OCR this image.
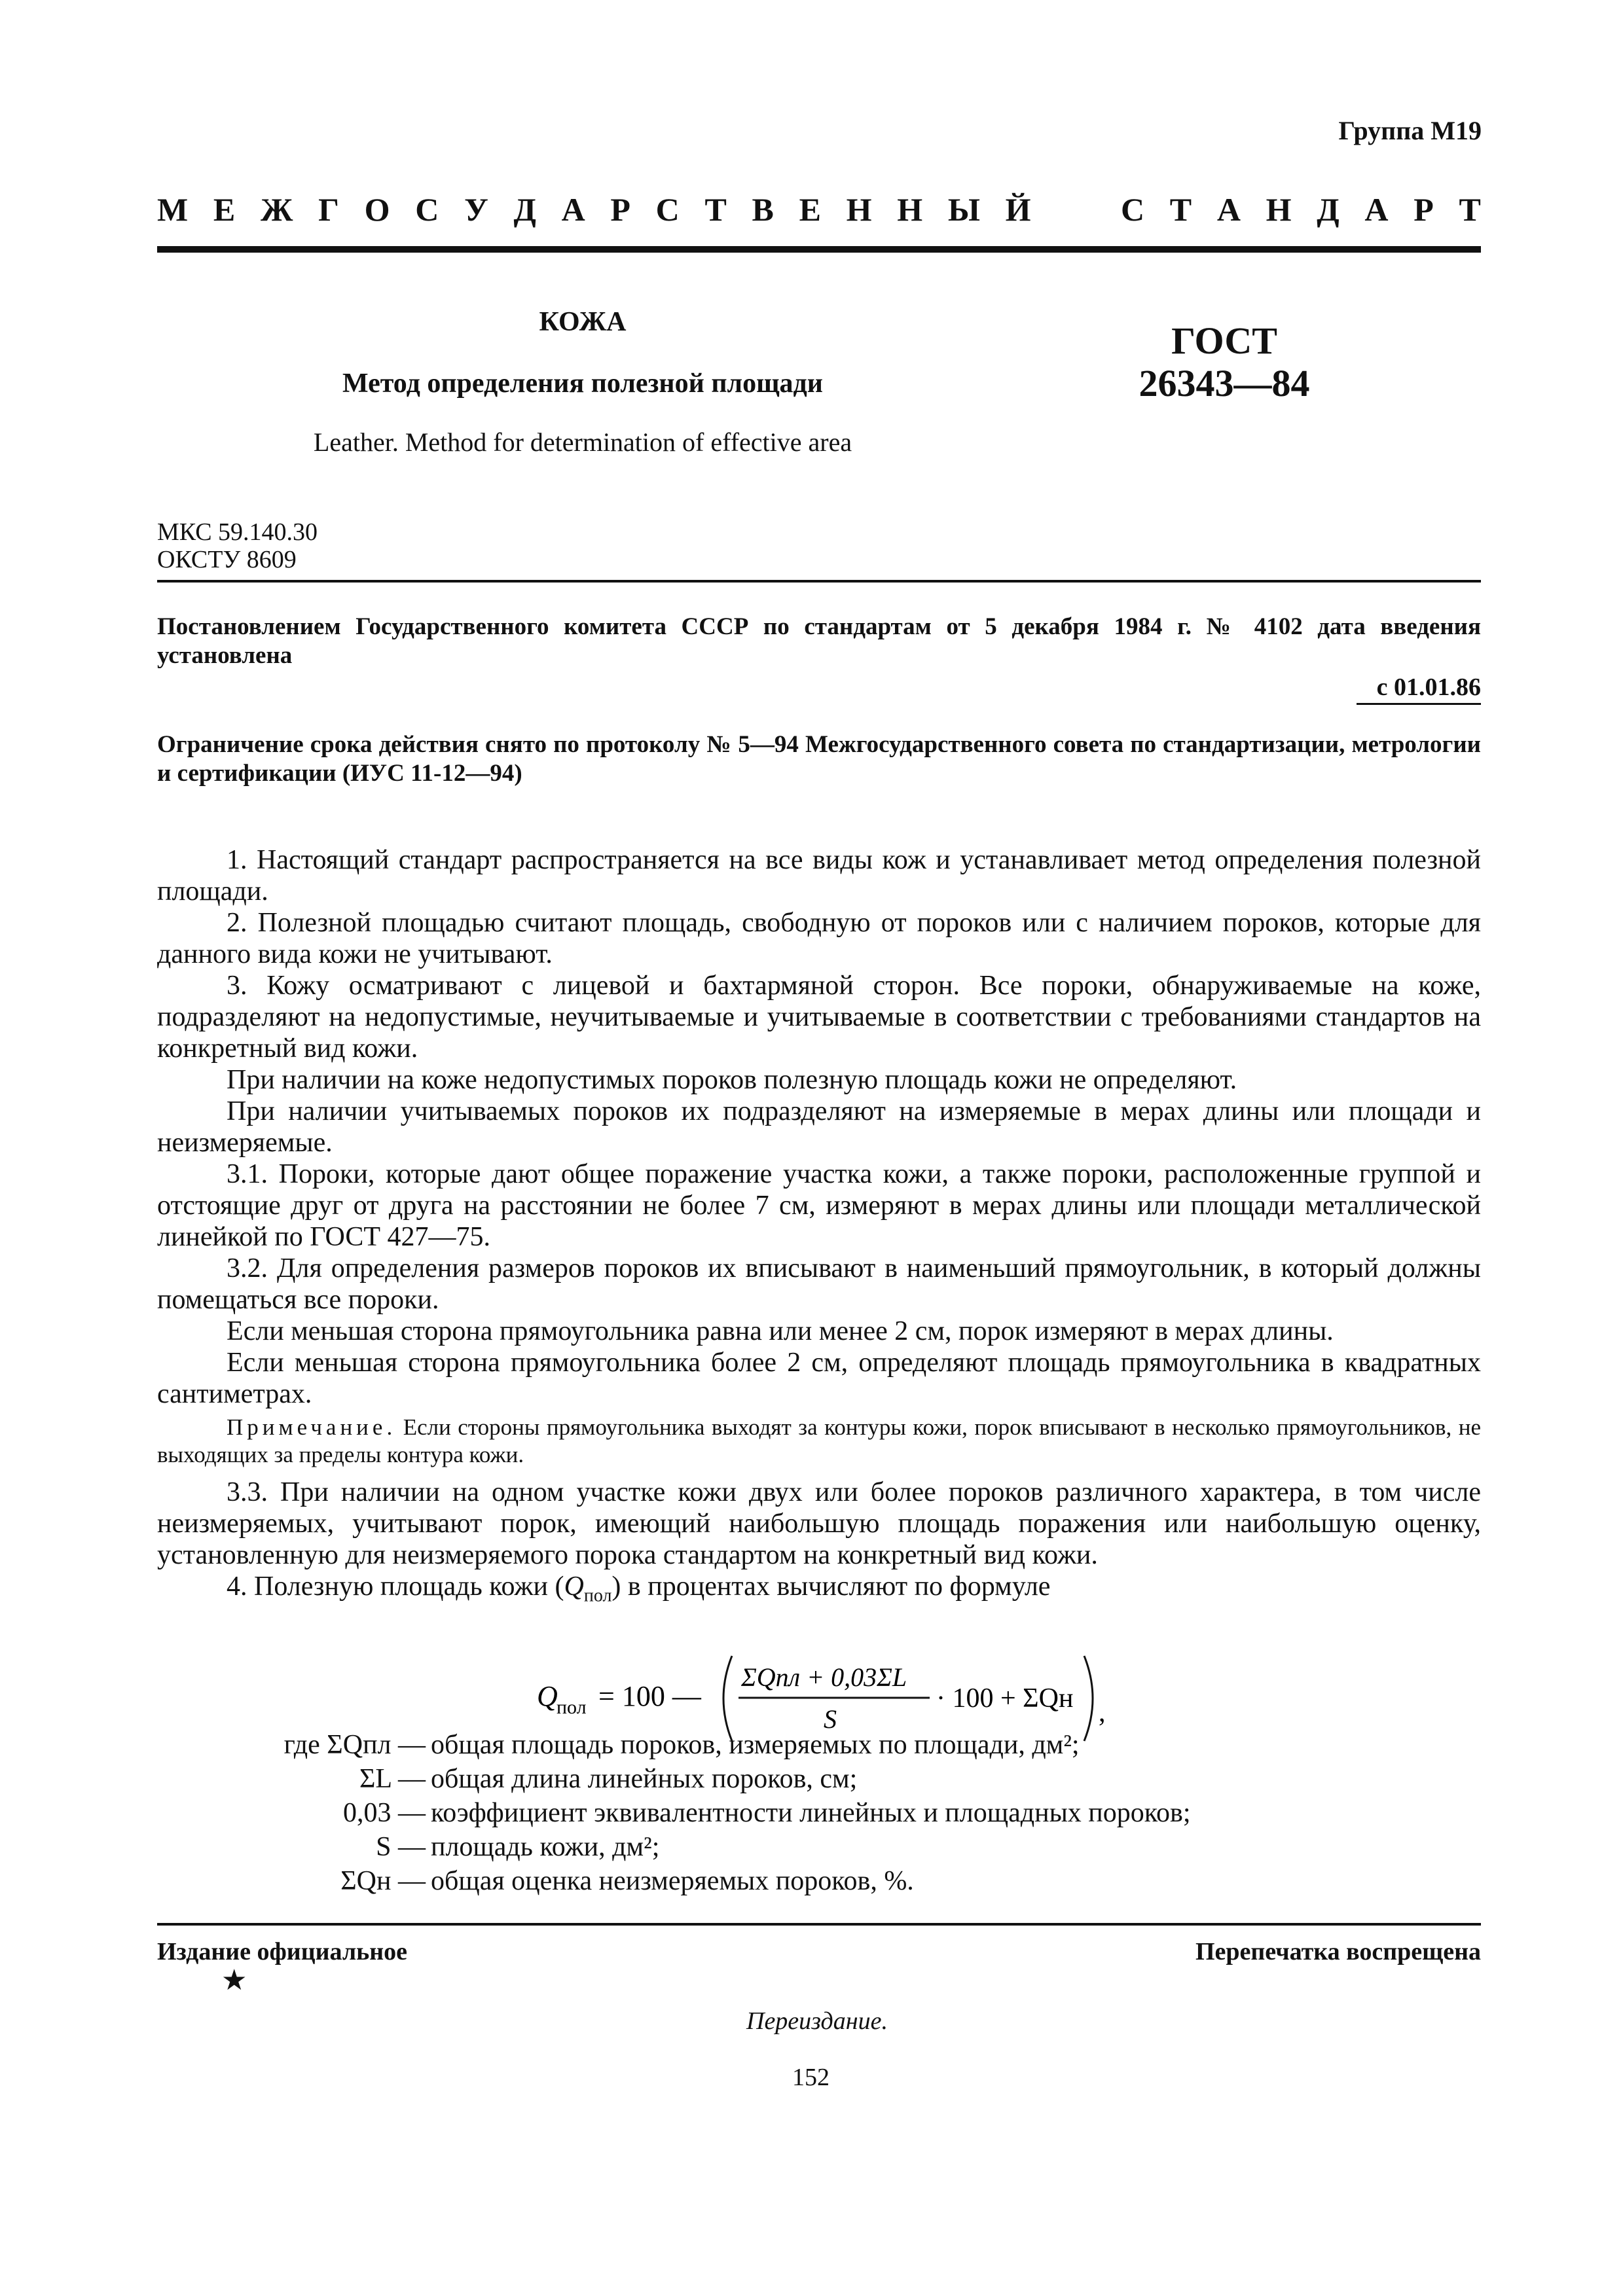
Группа М19
М Е Ж Г О С У Д А Р С Т В Е Н Н Ы Й	С Т А Н Д А Р Т
КОЖА
Метод определения полезной площади
Leather. Method for determination of effective area
ГОСТ
26343—84
МКС 59.140.30
ОКСТУ 8609
Постановлением Государственного комитета СССР по стандартам от 5 декабря 1984 г. № 4102 дата введения установлена
с 01.01.86
Ограничение срока действия снято по протоколу № 5—94 Межгосударственного совета по стандартизации, метрологии и сертификации (ИУС 11-12—94)

1. Настоящий стандарт распространяется на все виды кож и устанавливает метод определения полезной площади.

2. Полезной площадью считают площадь, свободную от пороков или с наличием пороков, которые для данного вида кожи не учитывают.

3. Кожу осматривают с лицевой и бахтармяной сторон. Все пороки, обнаруживаемые на коже, подразделяют на недопустимые, неучитываемые и учитываемые в соответствии с требованиями стандартов на конкретный вид кожи.

При наличии на коже недопустимых пороков полезную площадь кожи не определяют.

При наличии учитываемых пороков их подразделяют на измеряемые в мерах длины или площади и неизмеряемые.

3.1. Пороки, которые дают общее поражение участка кожи, а также пороки, расположенные группой и отстоящие друг от друга на расстоянии не более 7 см, измеряют в мерах длины или площади металлической линейкой по ГОСТ 427—75.

3.2. Для определения размеров пороков их вписывают в наименьший прямоугольник, в который должны помещаться все пороки.

Если меньшая сторона прямоугольника равна или менее 2 см, порок измеряют в мерах длины.

Если меньшая сторона прямоугольника более 2 см, определяют площадь прямоугольника в квадратных сантиметрах.

Примечание. Если стороны прямоугольника выходят за контуры кожи, порок вписывают в несколько прямоугольников, не выходящих за пределы контура кожи.

3.3. При наличии на одном участке кожи двух или более пороков различного характера, в том числе неизмеряемых, учитывают порок, имеющий наибольшую площадь поражения или наибольшую оценку, установленную для неизмеряемого порока стандартом на конкретный вид кожи.

4. Полезную площадь кожи $(Q_{пол})$ в процентах вычисляют по формуле

Q
пол = 100 —
ΣQпл + 0,03ΣL
S
· 100 + ΣQн ,
где ΣQпл — общая площадь пороков, измеряемых по площади, дм²;
ΣL — общая длина линейных пороков, см;
0,03 — коэффициент эквивалентности линейных и площадных пороков;
S — площадь кожи, дм²;
ΣQн — общая оценка неизмеряемых пороков, %.
Издание официальное	Перепечатка воспрещена
★
Переиздание.
152
